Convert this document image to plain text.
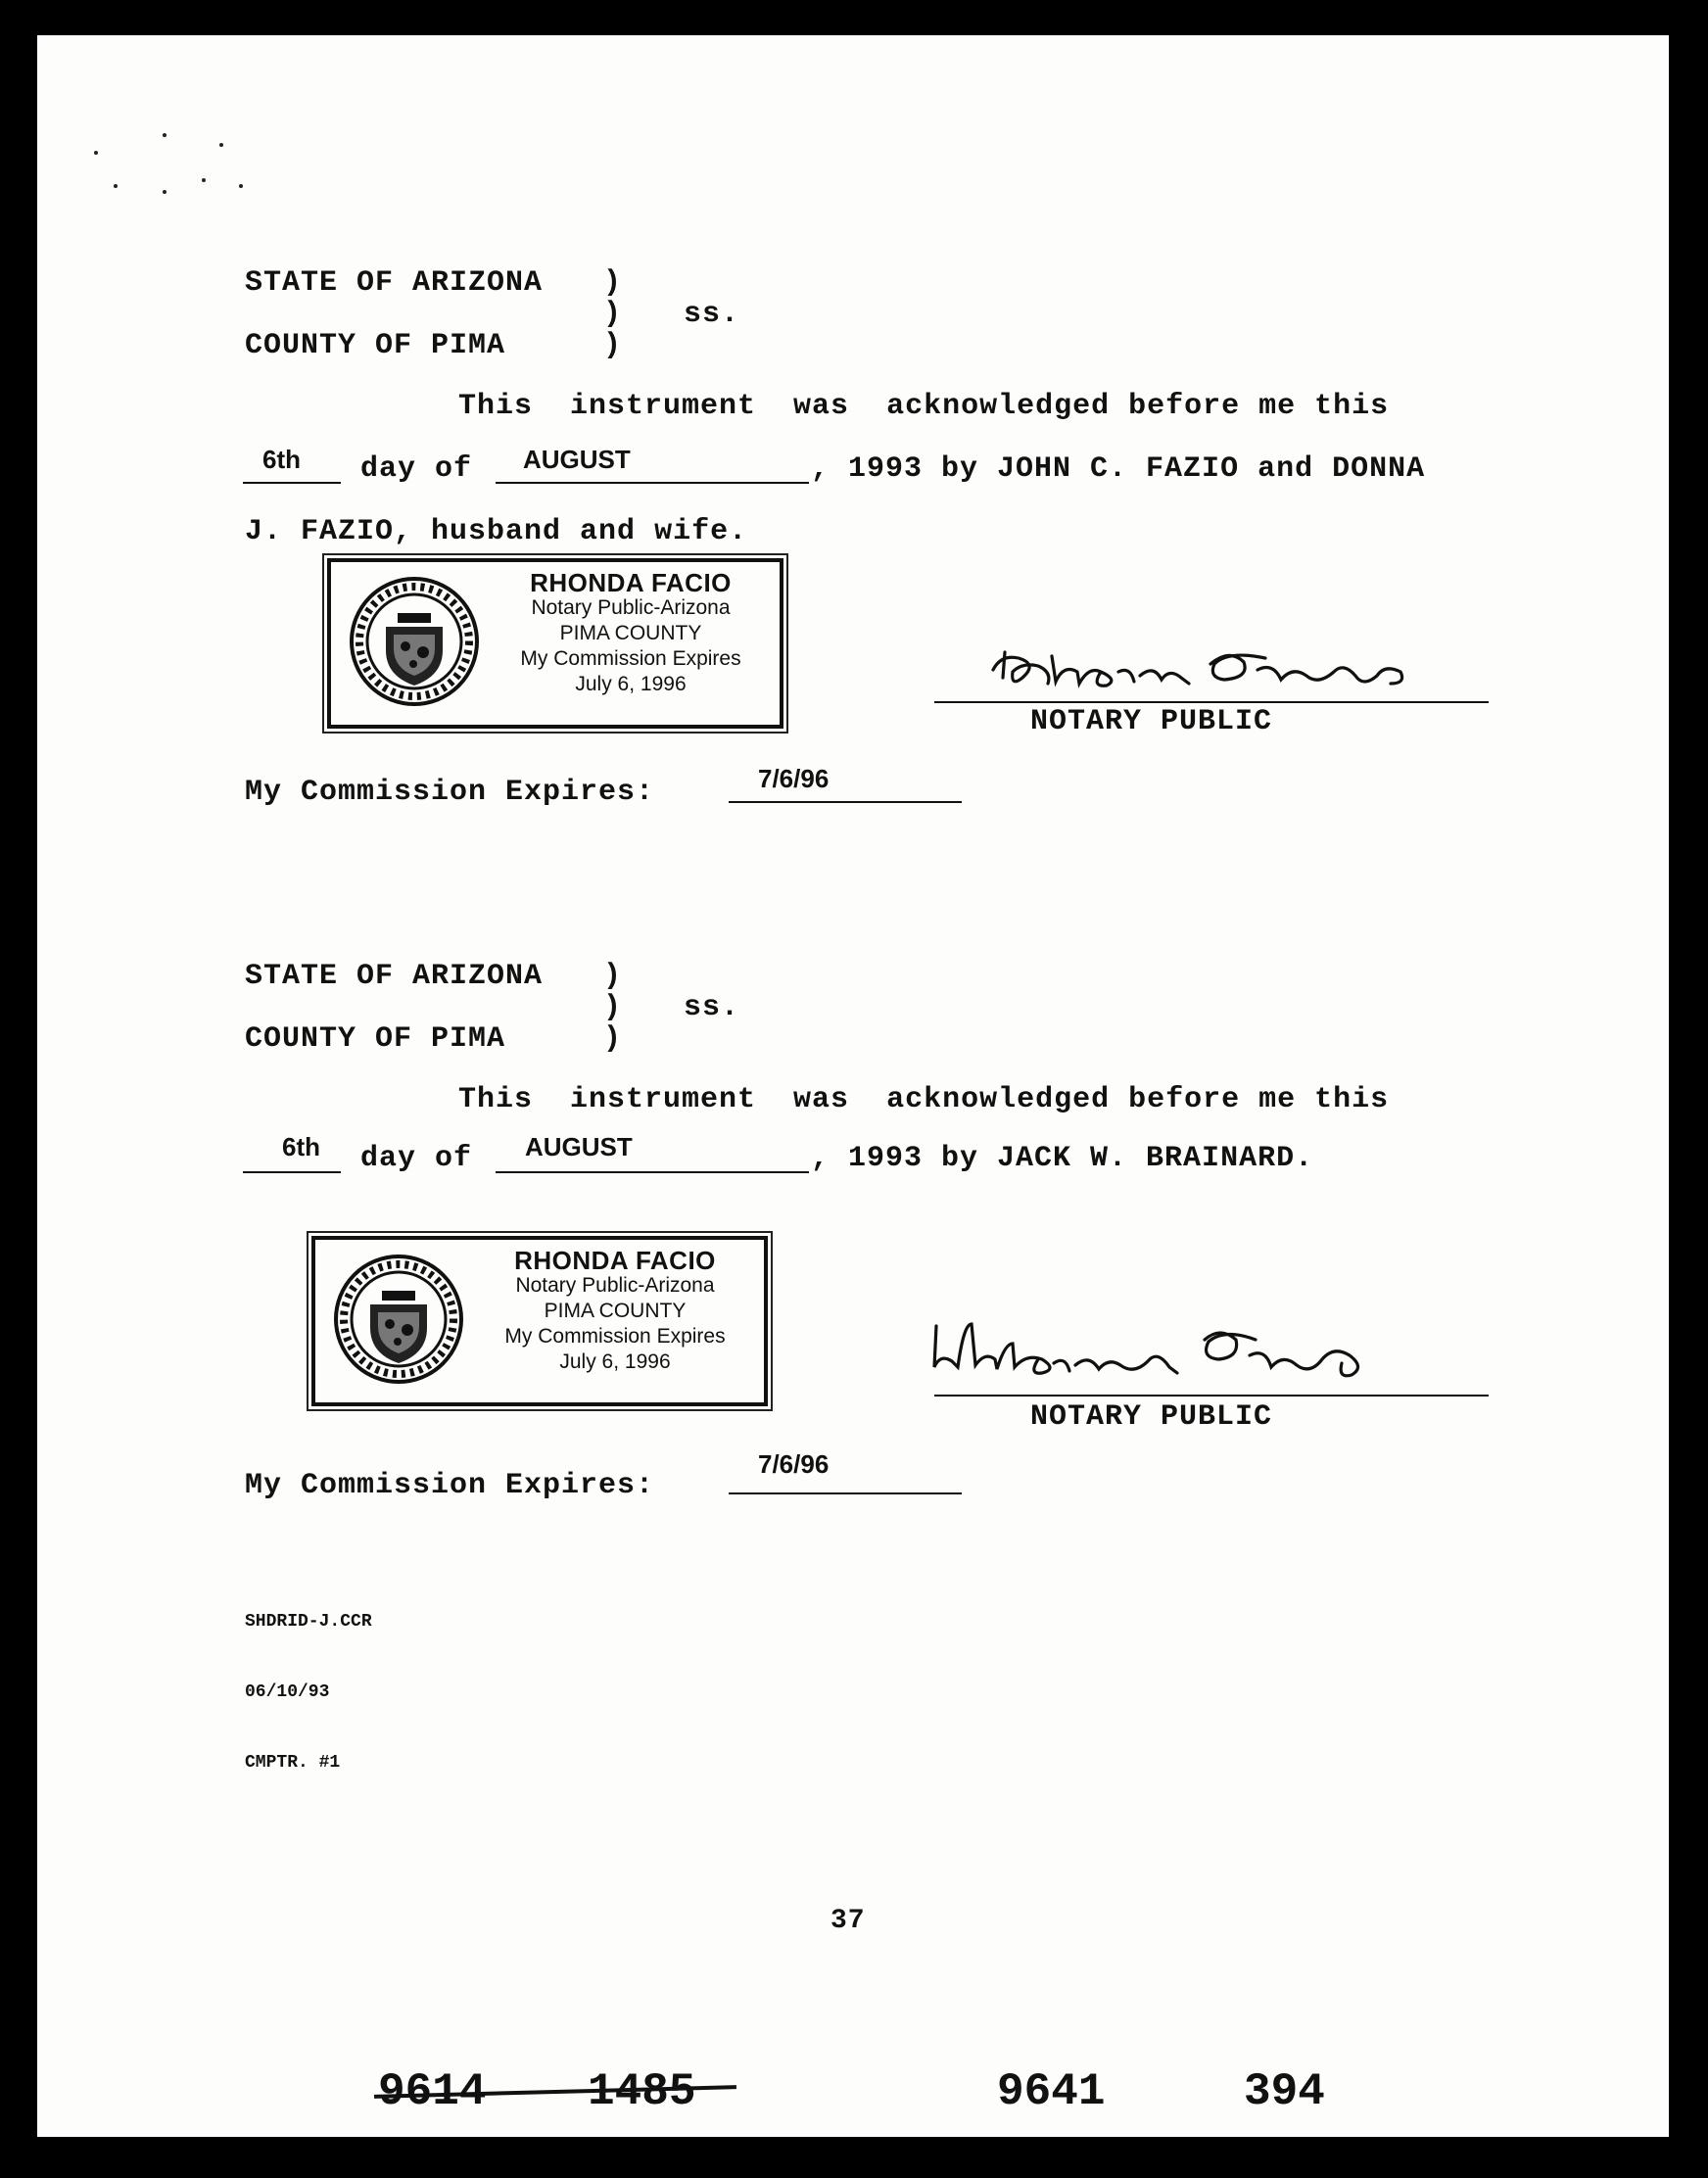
STATE OF ARIZONA )
)
)
ss.
COUNTY OF PIMA
This  instrument  was  acknowledged before me this
6th day of AUGUST	, 1993 by JOHN C. FAZIO and DONNA
J. FAZIO, husband and wife.
RHONDA FACIO
Notary Public-Arizona
PIMA COUNTY
My Commission Expires
July 6, 1996
NOTARY PUBLIC
My Commission Expires:	7/6/96
STATE OF ARIZONA )
)
)
ss.
COUNTY OF PIMA
This  instrument  was  acknowledged before me this
6th day of AUGUST	, 1993 by JACK W. BRAINARD.
RHONDA FACIO
Notary Public-Arizona
PIMA COUNTY
My Commission Expires
July 6, 1996
NOTARY PUBLIC
My Commission Expires:
7/6/96

SHDRID-J.CCR

06/10/93

CMPTR. #1

37
9614 1485	9641	394
